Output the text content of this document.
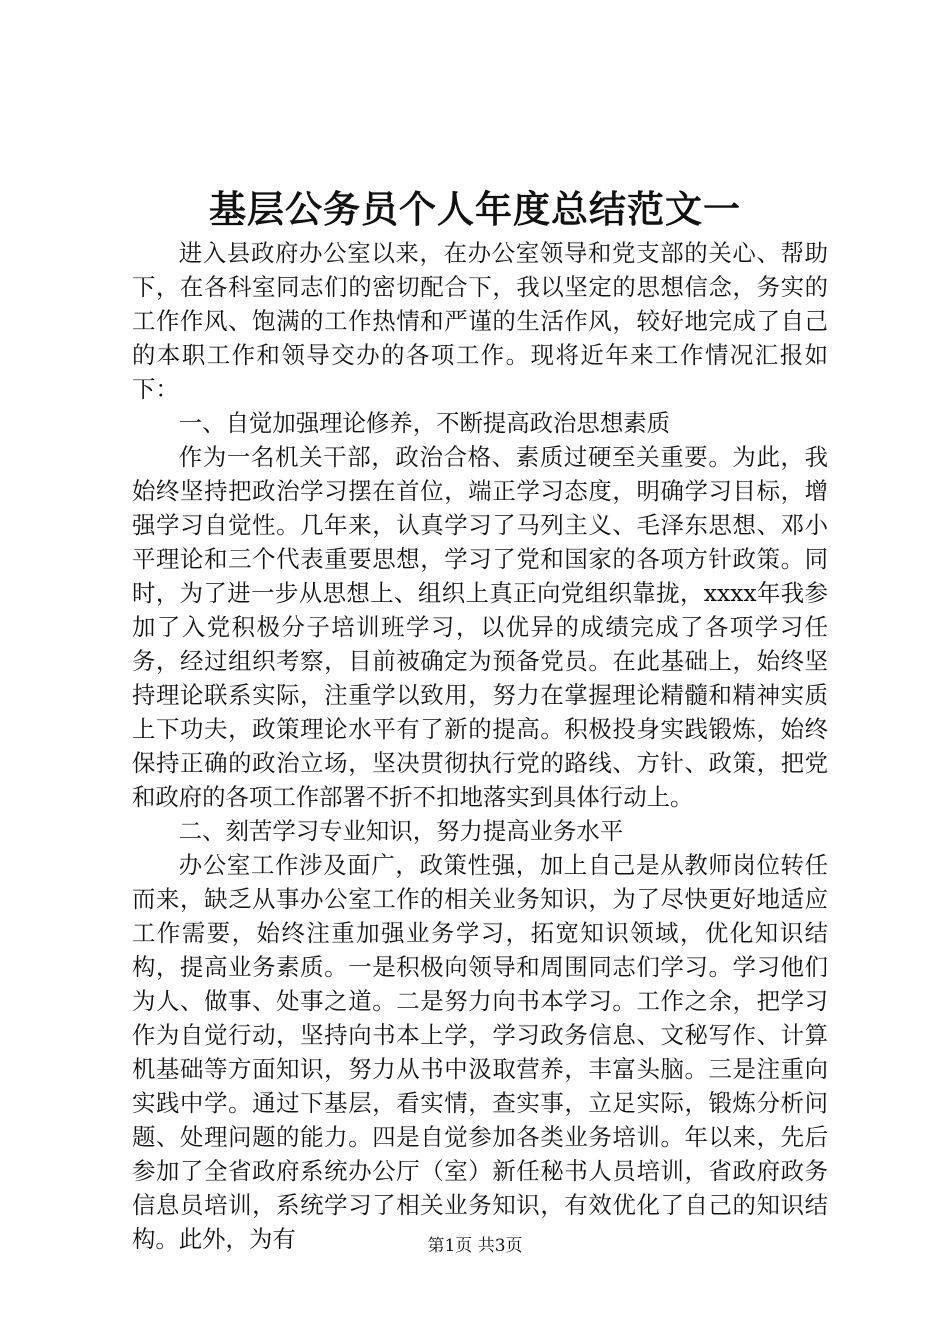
基层公务员个人年度总结范文一

进入县政府办公室以来，在办公室领导和党支部的关心、帮助下，在各科室同志们的密切配合下，我以坚定的思想信念，务实的工作作风、饱满的工作热情和严谨的生活作风，较好地完成了自己的本职工作和领导交办的各项工作。现将近年来工作情况汇报如下：

一、自觉加强理论修养，不断提高政治思想素质

作为一名机关干部，政治合格、素质过硬至关重要。为此，我始终坚持把政治学习摆在首位，端正学习态度，明确学习目标，增强学习自觉性。几年来，认真学习了马列主义、毛泽东思想、邓小平理论和三个代表重要思想，学习了党和国家的各项方针政策。同时，为了进一步从思想上、组织上真正向党组织靠拢，xxxx年我参加了入党积极分子培训班学习，以优异的成绩完成了各项学习任务，经过组织考察，目前被确定为预备党员。在此基础上，始终坚持理论联系实际，注重学以致用，努力在掌握理论精髓和精神实质上下功夫，政策理论水平有了新的提高。积极投身实践锻炼，始终保持正确的政治立场，坚决贯彻执行党的路线、方针、政策，把党和政府的各项工作部署不折不扣地落实到具体行动上。

二、刻苦学习专业知识，努力提高业务水平

办公室工作涉及面广，政策性强，加上自己是从教师岗位转任而来，缺乏从事办公室工作的相关业务知识，为了尽快更好地适应工作需要，始终注重加强业务学习，拓宽知识领域，优化知识结构，提高业务素质。一是积极向领导和周围同志们学习。学习他们为人、做事、处事之道。二是努力向书本学习。工作之余，把学习作为自觉行动，坚持向书本上学，学习政务信息、文秘写作、计算机基础等方面知识，努力从书中汲取营养，丰富头脑。三是注重向实践中学。通过下基层，看实情，查实事，立足实际，锻炼分析问题、处理问题的能力。四是自觉参加各类业务培训。年以来，先后参加了全省政府系统办公厅（室）新任秘书人员培训，省政府政务信息员培训，系统学习了相关业务知识，有效优化了自己的知识结构。此外，为有	第1页 共3页
